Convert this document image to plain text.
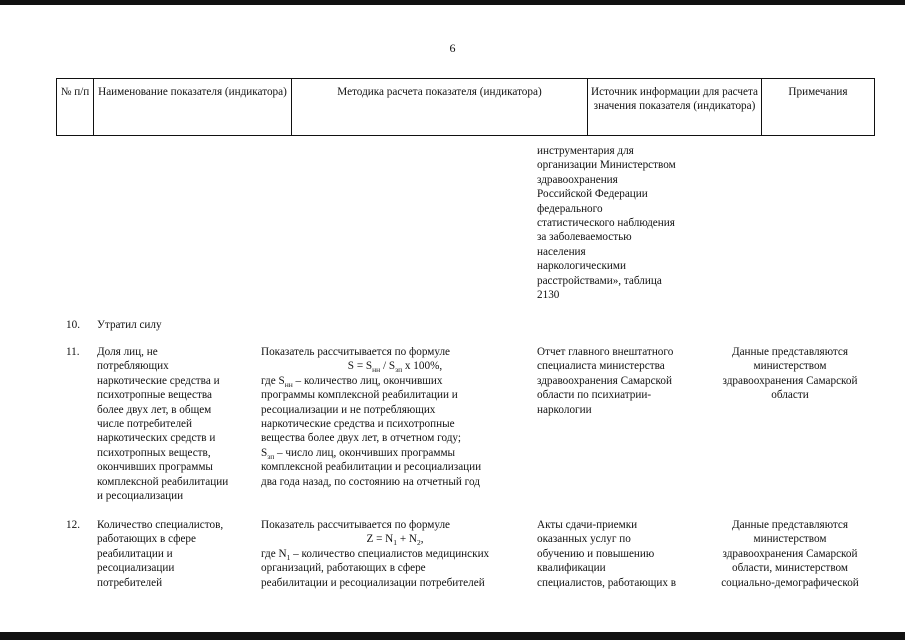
6
№ п/п Наименование показателя (индикатора)	Методика расчета показателя (индикатора)	Источник информации для расчета значения показателя (индикатора)
Примечания

инструментария для

организации Министерством

здравоохранения

Российской Федерации

федерального

статистического наблюдения

за заболеваемостью

населения

наркологическими

расстройствами», таблица

2130

10. Утратил силу
11. Доля лиц, не

потребляющих

наркотические средства и

психотропные вещества

более двух лет, в общем

числе потребителей

наркотических средств и

психотропных веществ,

окончивших программы

комплексной реабилитации

и ресоциализации

Показатель рассчитывается по формуле

$S = S_{нн} / S_{зп}$ x 100%,

где $S_{нн}$ – количество лиц, окончивших

программы комплексной реабилитации и

ресоциализации и не потребляющих

наркотические средства и психотропные

вещества более двух лет, в отчетном году;

$S_{зп}$ – число лиц, окончивших программы

комплексной реабилитации и ресоциализации

два года назад, по состоянию на отчетный год

Отчет главного внештатного

специалиста министерства

здравоохранения Самарской

области по психиатрии-

наркологии

Данные представляются

министерством

здравоохранения Самарской

области

12. Количество специалистов,

работающих в сфере

реабилитации и

ресоциализации

потребителей

Показатель рассчитывается по формуле

$Z = N_1 + N_2$,

где $N_1$ – количество специалистов медицинских

организаций, работающих в сфере

реабилитации и ресоциализации потребителей

Акты сдачи-приемки

оказанных услуг по

обучению и повышению

квалификации

специалистов, работающих в

Данные представляются

министерством

здравоохранения Самарской

области, министерством

социально-демографической
